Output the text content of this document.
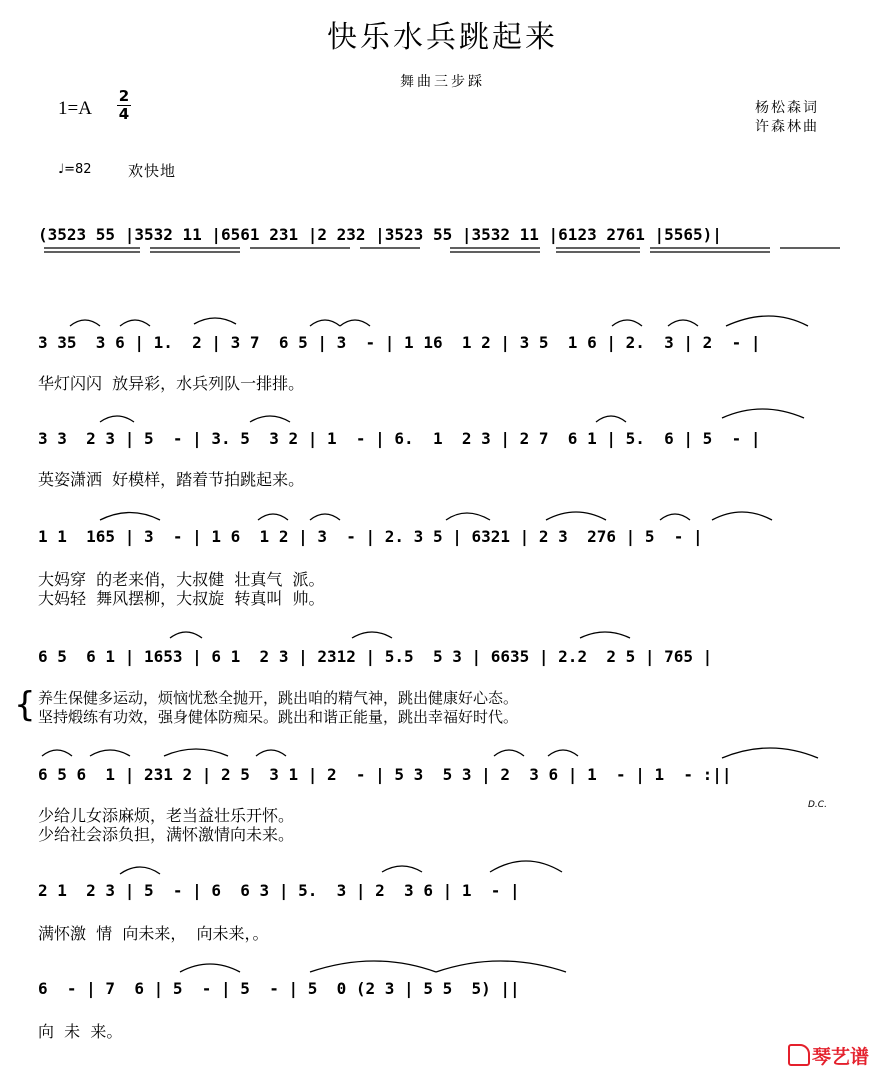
快乐水兵跳起来
舞曲三步踩
1=A
2
4	杨松森词
许森林曲
♩=82 欢快地
(3523 55 |3532 11 |6561 231 |2 232 |3523 55 |3532 11 |6123 2761 |5565)|
3 35  3 6 | 1.  2 | 3 7  6 5 | 3  - | 1 16  1 2 | 3 5  1 6 | 2.  3 | 2  - |
3 3  2 3 | 5  - | 3. 5  3 2 | 1  - | 6.  1  2 3 | 2 7  6 1 | 5.  6 | 5  - |
1 1  165 | 3  - | 1 6  1 2 | 3  - | 2. 3 5 | 6321 | 2 3  276 | 5  - |
6 5  6 1 | 1653 | 6 1  2 3 | 2312 | 5.5  5 3 | 6635 | 2.2  2 5 | 765 |
6 5 6  1 | 231 2 | 2 5  3 1 | 2  - | 5 3  5 3 | 2  3 6 | 1  - | 1  - :||
2 1  2 3 | 5  - | 6  6 3 | 5.  3 | 2  3 6 | 1  - |
6  - | 7  6 | 5  - | 5  - | 5  0 (2 3 | 5 5  5) ||
华灯闪闪  放异彩，水兵列队一排排。
英姿潇洒  好模样，踏着节拍跳起来。
大妈穿  的老来俏，大叔健  壮真气  派。
大妈轻  舞风摆柳，大叔旋  转真叫  帅。
{ 养生保健多运动，烦恼忧愁全抛开，跳出咱的精气神，跳出健康好心态。
坚持煅练有功效，强身健体防痴呆。跳出和谐正能量，跳出幸福好时代。
少给儿女添麻烦，老当益壮乐开怀。
少给社会添负担，满怀激情向未来。
满怀激  情  向未来，  向未来，。
向  未  来。
D.C.
琴艺谱
